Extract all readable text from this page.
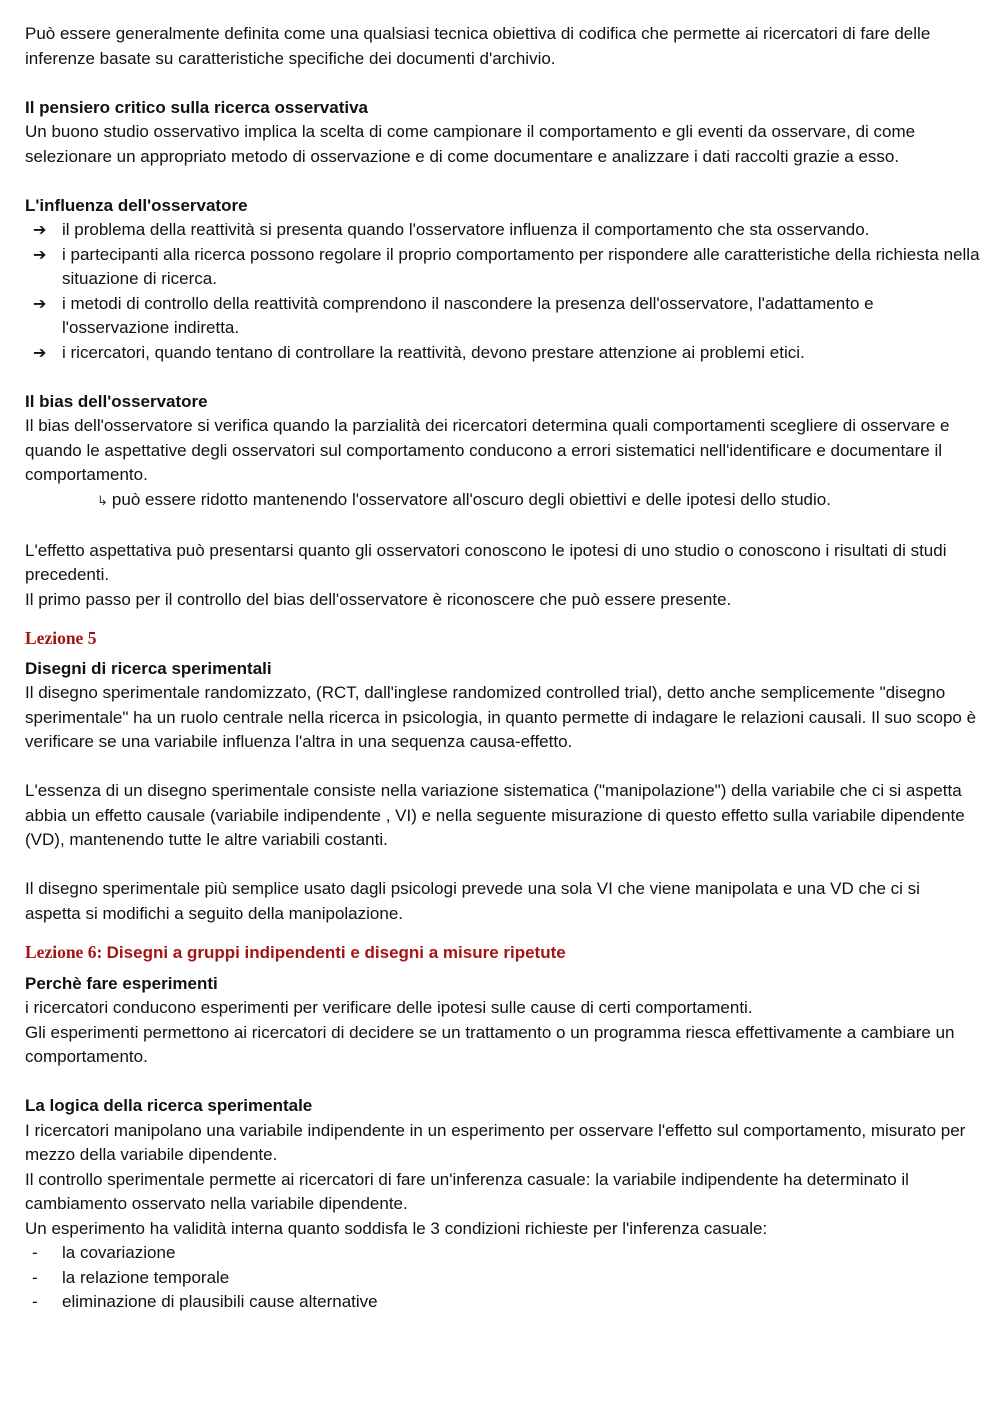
Può essere generalmente definita come una qualsiasi tecnica obiettiva di codifica che permette ai ricercatori di fare delle inferenze basate su caratteristiche specifiche dei documenti d'archivio.

Il pensiero critico sulla ricerca osservativa

Un buono studio osservativo implica la scelta di come campionare il comportamento e gli eventi da osservare, di come selezionare un appropriato metodo di osservazione e di come documentare e analizzare i dati raccolti grazie a esso.

L'influenza dell'osservatore

➔ il problema della reattività si presenta quando l'osservatore influenza il comportamento che sta osservando.
➔ i partecipanti alla ricerca possono regolare il proprio comportamento per rispondere alle caratteristiche della richiesta nella situazione di ricerca.
➔ i metodi di controllo della reattività comprendono il nascondere la presenza dell'osservatore, l'adattamento e l'osservazione indiretta.
➔ i ricercatori, quando tentano di controllare la reattività, devono prestare attenzione ai problemi etici.

Il bias dell'osservatore

Il bias dell'osservatore si verifica quando la parzialità dei ricercatori determina quali comportamenti scegliere di osservare e quando le aspettative degli osservatori sul comportamento conducono a errori sistematici nell'identificare e documentare il comportamento.

↳ può essere ridotto mantenendo l'osservatore all'oscuro degli obiettivi e delle ipotesi dello studio.

L'effetto aspettativa può presentarsi quanto gli osservatori conoscono le ipotesi di uno studio o conoscono i risultati di studi precedenti.

Il primo passo per il controllo del bias dell'osservatore è riconoscere che può essere presente.

Lezione 5

Disegni di ricerca sperimentali

Il disegno sperimentale randomizzato, (RCT, dall'inglese randomized controlled trial), detto anche semplicemente "disegno sperimentale" ha un ruolo centrale nella ricerca in psicologia, in quanto permette di indagare le relazioni causali. Il suo scopo è verificare se una variabile influenza l'altra in una sequenza causa-effetto.

L'essenza di un disegno sperimentale consiste nella variazione sistematica ("manipolazione") della variabile che ci si aspetta abbia un effetto causale (variabile indipendente , VI) e nella seguente misurazione di questo effetto sulla variabile dipendente (VD), mantenendo tutte le altre variabili costanti.

Il disegno sperimentale più semplice usato dagli psicologi prevede una sola VI che viene manipolata e una VD che ci si aspetta si modifichi a seguito della manipolazione.

Lezione 6: Disegni a gruppi indipendenti e disegni a misure ripetute

Perchè fare esperimenti

i ricercatori conducono esperimenti per verificare delle ipotesi sulle cause di certi comportamenti.

Gli esperimenti permettono ai ricercatori di decidere se un trattamento o un programma riesca effettivamente a cambiare un comportamento.

La logica della ricerca sperimentale

I ricercatori manipolano una variabile indipendente in un esperimento per osservare l'effetto sul comportamento, misurato per mezzo della variabile dipendente.

Il controllo sperimentale permette ai ricercatori di fare un'inferenza casuale: la variabile indipendente ha determinato il cambiamento osservato nella variabile dipendente.

Un esperimento ha validità interna quanto soddisfa le 3 condizioni richieste per l'inferenza casuale:

- la covariazione
- la relazione temporale
- eliminazione di plausibili cause alternative
